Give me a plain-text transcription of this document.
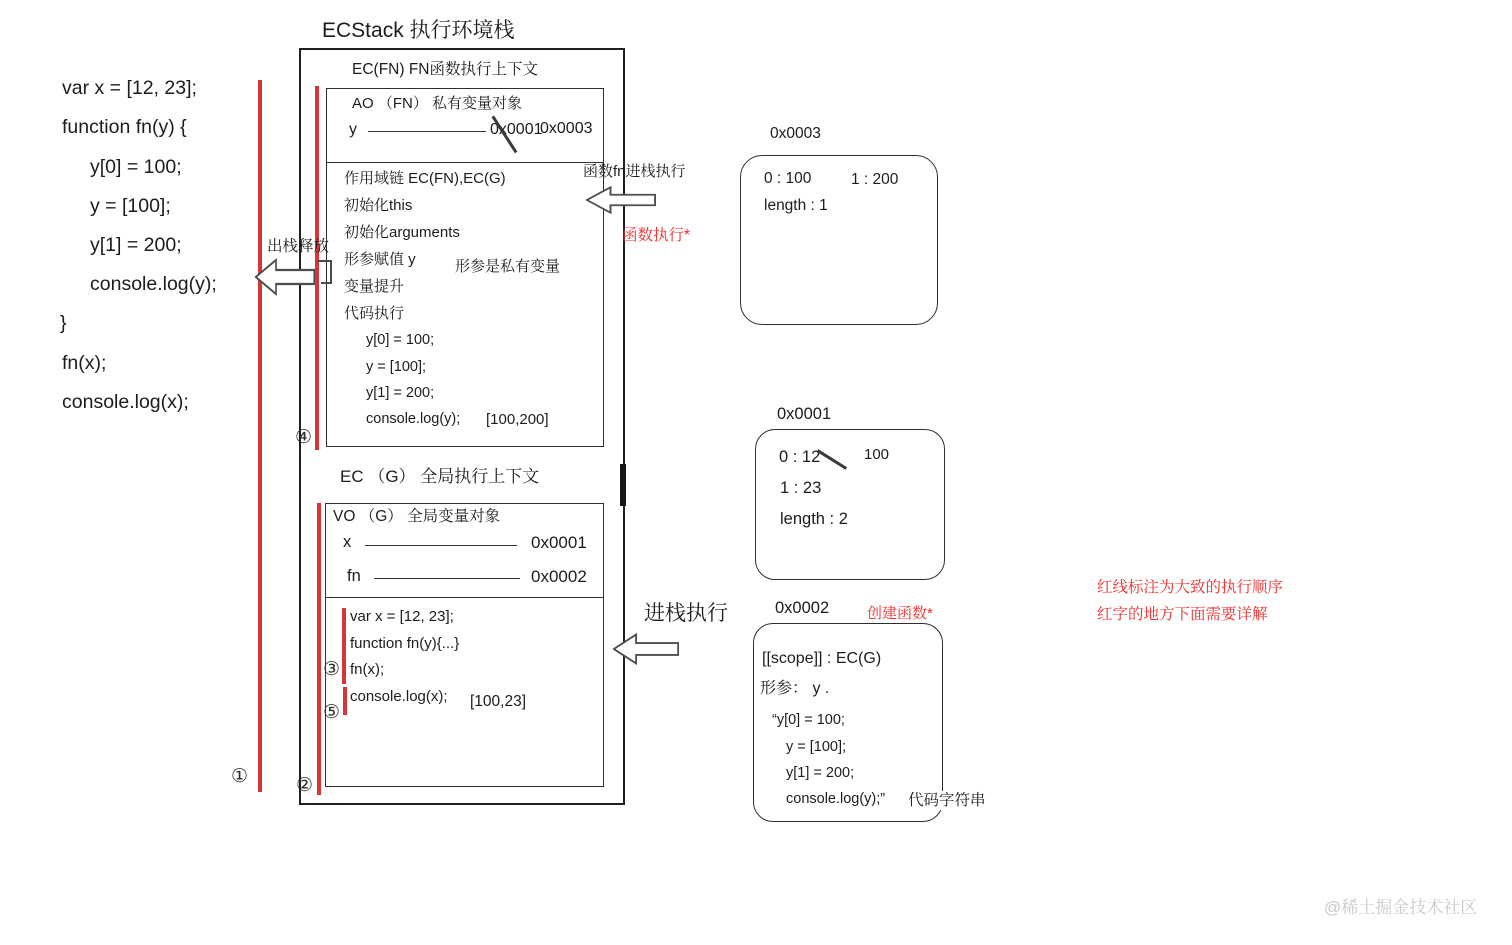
ECStack 执行环境栈
var x = [12, 23];
function fn(y) {
y[0] = 100;
y = [100];
y[1] = 200;
console.log(y);
}
fn(x);
console.log(x);
①	②
③
④
⑤
EC(FN) FN函数执行上下文
AO （FN） 私有变量对象
y	0x0001
0x0003
作用域链 EC(FN),EC(G)
初始化this
初始化arguments
形参赋值 y	形参是私有变量
变量提升
代码执行
y[0] = 100;
y = [100];
y[1] = 200;
console.log(y); [100,200]
出栈释放
函数fn进栈执行
函数执行*
EC （G） 全局执行上下文
VO （G） 全局变量对象
x	0x0001
fn	0x0002
var x = [12, 23];
function fn(y){...}
fn(x);
console.log(x); [100,23]
进栈执行
0x0003
0 : 100	1 : 200
length : 1
0x0001
0 : 12	100
1 : 23
length : 2
0x0002	创建函数*
[[scope]] : EC(G)
形参： y .
“y[0] = 100;
y = [100];
y[1] = 200;
console.log(y);” 代码字符串
红线标注为大致的执行顺序
红字的地方下面需要详解
@稀土掘金技术社区
